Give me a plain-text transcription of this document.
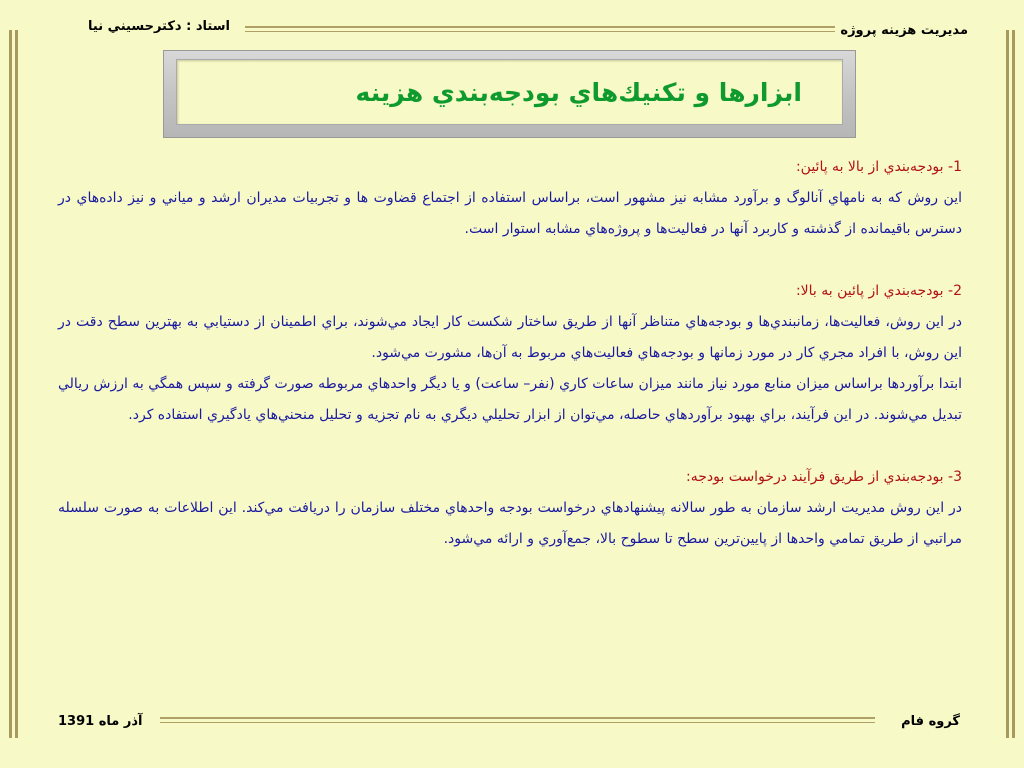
مديريت هزينه پروژه
استاد : دكترحسيني نيا
ابزارها و تكنيك‌هاي بودجه‌بندي هزينه

1- بودجه‌بندي از بالا به پائين:

اين روش كه به نامهاي آنالوگ و برآورد مشابه نيز مشهور است، براساس استفاده از اجتماع قضاوت ها و تجربيات مديران ارشد و مياني و نيز داده‌هاي در دسترس باقيمانده از گذشته و كاربرد آنها در فعاليت‌ها و پروژه‌هاي مشابه استوار است.

2- بودجه‌بندي از پائين به بالا:

در اين روش، فعاليت‌ها، زمانبندي‌ها و بودجه‌هاي متناظر آنها از طريق ساختار شكست كار ايجاد مي‌شوند، براي اطمينان از دستيابي به بهترين سطح دقت در اين روش، با افراد مجري كار در مورد زمانها و بودجه‌هاي فعاليت‌هاي مربوط به آن‌ها، مشورت مي‌شود.

ابتدا برآوردها براساس ميزان منابع مورد نياز مانند ميزان ساعات كاري (نفر– ساعت) و يا ديگر واحدهاي مربوطه صورت گرفته و سپس همگي به ارزش ريالي تبديل مي‌شوند. در اين فرآيند، براي بهبود برآوردهاي حاصله، مي‌توان از ابزار تحليلي ديگري به نام تجزيه و تحليل منحني‌هاي يادگيري استفاده كرد.

3- بودجه‌بندي از طريق فرآيند درخواست بودجه:

در اين روش مديريت ارشد سازمان به طور سالانه پيشنهادهاي درخواست بودجه واحدهاي مختلف سازمان را دريافت مي‌كند. اين اطلاعات به صورت سلسله مراتبي از طريق تمامي واحدها از پايين‌ترين سطح تا سطوح بالا، جمع‌آوري و ارائه مي‌شود.

گروه فام
آذر ماه 1391
